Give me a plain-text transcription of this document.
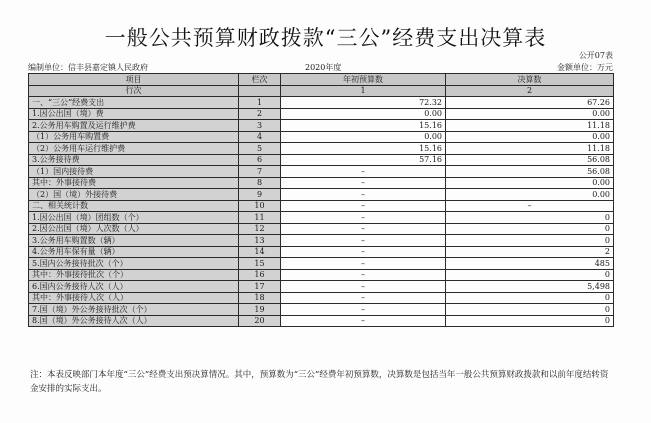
一般公共预算财政拨款“三公”经费支出决算表
公开07表
编制单位：信丰县嘉定镇人民政府	2020年度	金额单位：万元
项目	栏次	年初预算数	决算数
行次		1	2
一、“三公”经费支出	1	72.32	67.26
1.因公出国（境）费	2	0.00	0.00
2.公务用车购置及运行维护费	3	15.16	11.18
（1）公务用车购置费	4	0.00	0.00
（2）公务用车运行维护费	5	15.16	11.18
3.公务接待费	6	57.16	56.08
（1）国内接待费	7	–	56.08
其中：外事接待费	8	–	0.00
（2）国（境）外接待费	9	–	0.00
二、相关统计数	10	–	–
1.因公出国（境）团组数（个）	11	–	0
2.因公出国（境）人次数（人）	12	–	0
3.公务用车购置数（辆）	13	–	0
4.公务用车保有量（辆）	14	–	2
5.国内公务接待批次（个）	15	–	485
其中：外事接待批次（个）	16	–	0
6.国内公务接待人次（人）	17	–	5,498
其中：外事接待人次（人）	18	–	0
7.国（境）外公务接待批次（个）	19	–	0
8.国（境）外公务接待人次（人）	20	–	0
注：本表反映部门本年度“三公”经费支出预决算情况。其中，预算数为“三公”经费年初预算数，决算数是包括当年一般公共预算财政拨款和以前年度结转资金安排的实际支出。
